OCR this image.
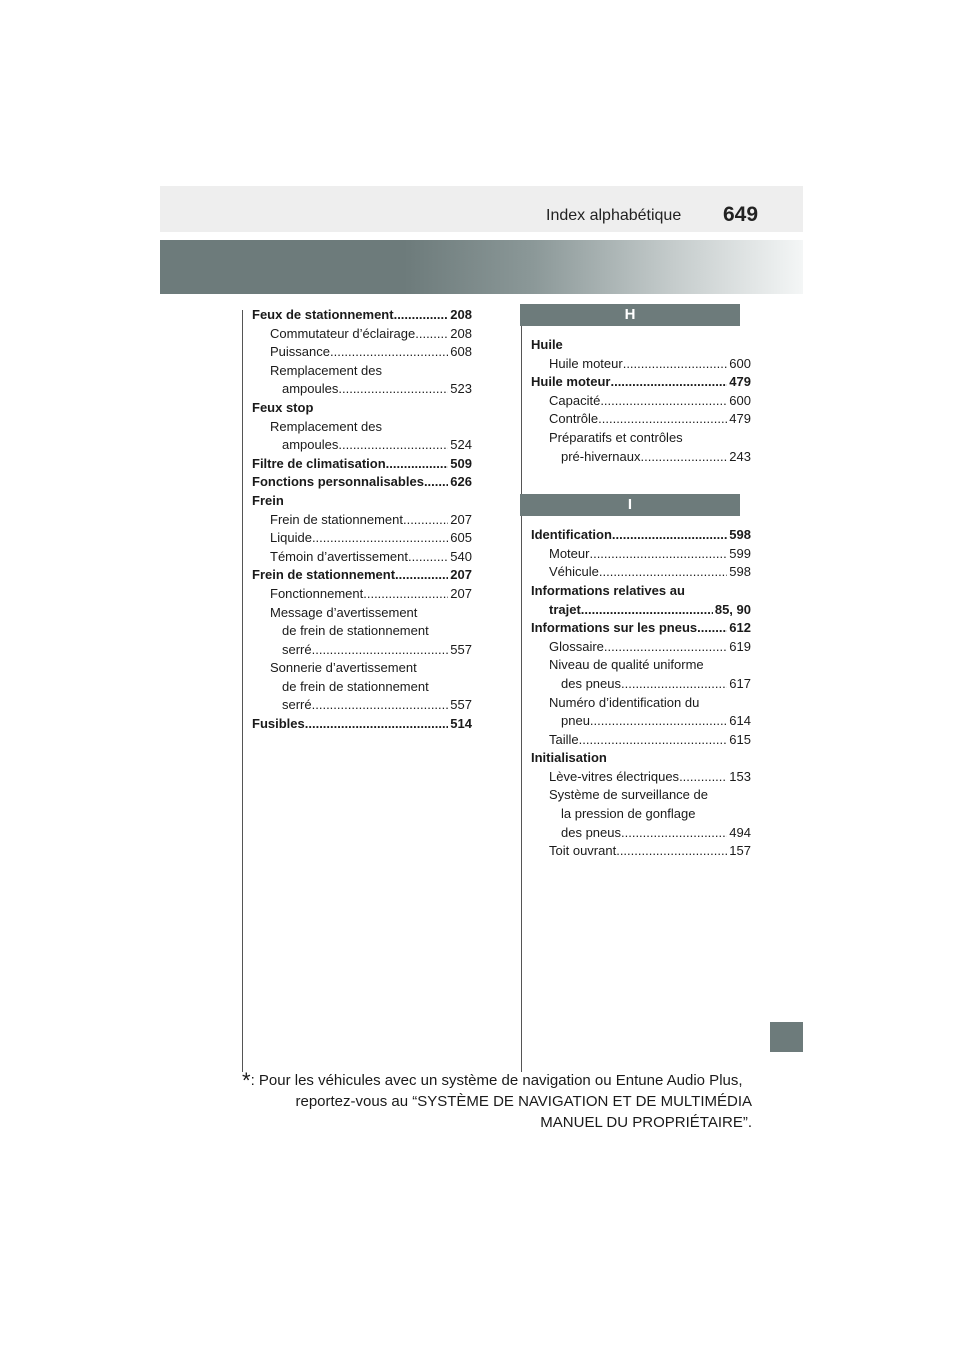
Index alphabétique 649
Feux de stationnement .....	208
Commutateur d’éclairage .....	208
Puissance .....	608
Remplacement des
ampoules .....	523
Feux stop
Remplacement des
ampoules .....	524
Filtre de climatisation .....	509
Fonctions personnalisables ..... 626
Frein
Frein de stationnement .....	207
Liquide .....	605
Témoin d’avertissement .....	540
Frein de stationnement .....	207
Fonctionnement .....	207
Message d’avertissement
de frein de stationnement
serré .....	557
Sonnerie d’avertissement
de frein de stationnement
serré .....	557
Fusibles .....	514
H
Huile
Huile moteur .....	600
Huile moteur .....	479
Capacité .....	600
Contrôle .....	479
Préparatifs et contrôles
pré-hivernaux .....	243
I
Identification .....	598
Moteur .....	599
Véhicule .....	598
Informations relatives au
trajet .....	85, 90
Informations sur les pneus ..... 612
Glossaire .....	619
Niveau de qualité uniforme
des pneus .....	617
Numéro d’identification du
pneu .....	614
Taille .....	615
Initialisation
Lève-vitres électriques .....	153
Système de surveillance de
la pression de gonflage
des pneus .....	494
Toit ouvrant .....	157
*: Pour les véhicules avec un système de navigation ou Entune Audio Plus,
reportez-vous au “SYSTÈME DE NAVIGATION ET DE MULTIMÉDIA
MANUEL DU PROPRIÉTAIRE”.
